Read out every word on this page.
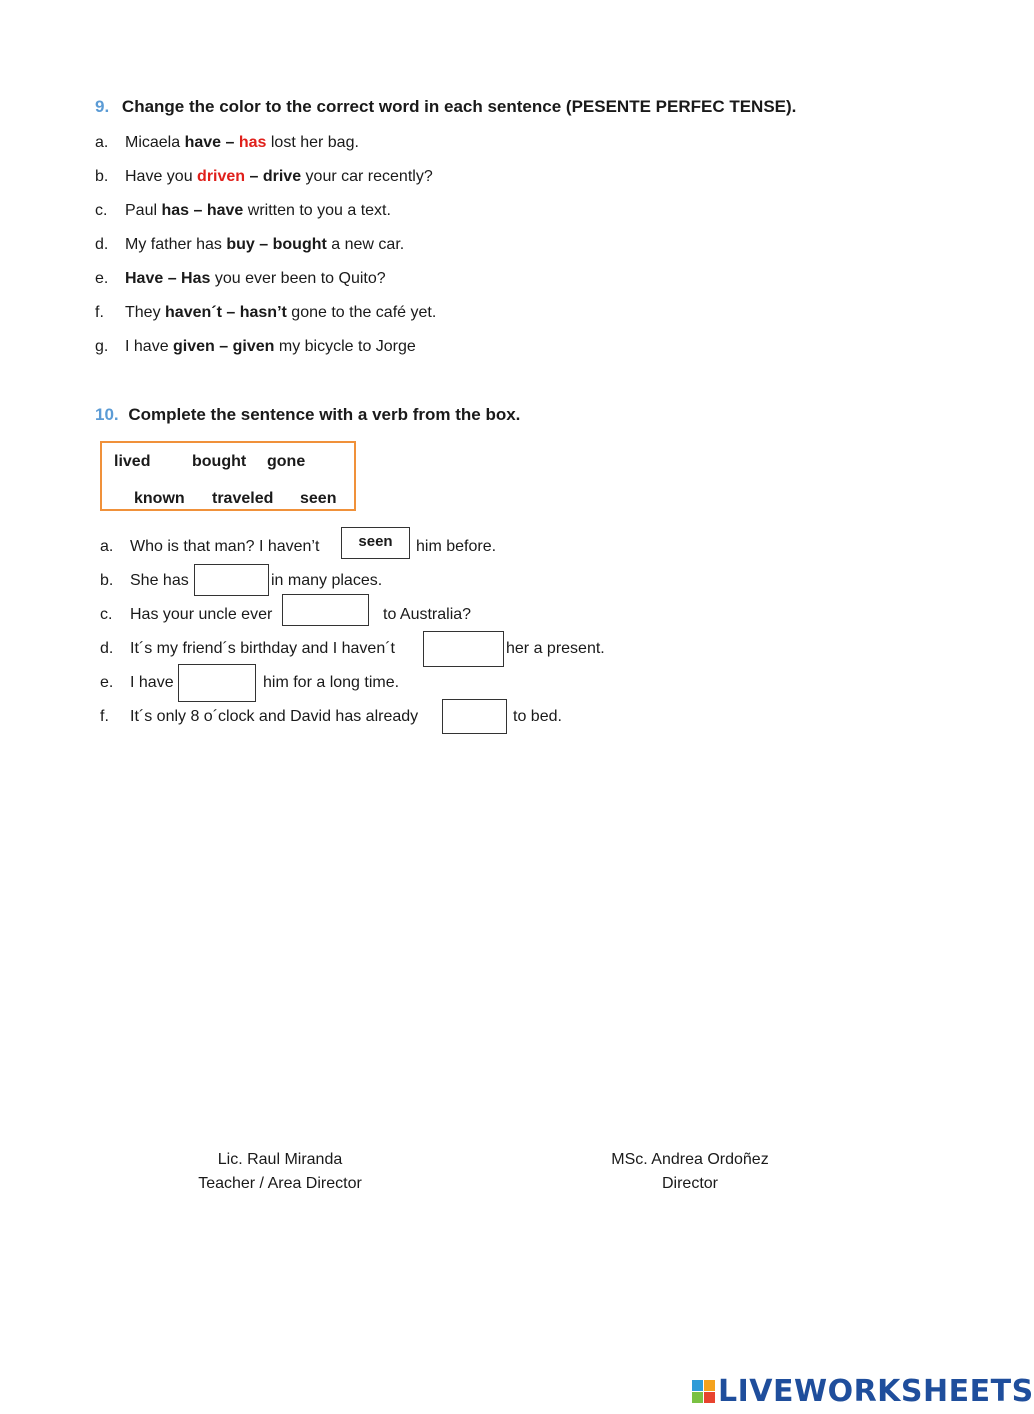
9. Change the color to the correct word in each sentence (PESENTE PERFEC TENSE).
a. Micaela have – has lost her bag.
b. Have you driven – drive your car recently?
c. Paul has – have written to you a text.
d. My father has buy – bought a new car.
e. Have – Has you ever been to Quito?
f. They haven´t – hasn’t gone to the café yet.
g. I have given – given my bicycle to Jorge
10. Complete the sentence with a verb from the box.
lived	bought gone
known traveled seen
a. Who is that man? I haven’t	seen	him before.
b. She has	in many places.
c. Has your uncle ever	to Australia?
d. It´s my friend´s birthday and I haven´t	her a present.
e. I have	him for a long time.
f. It´s only 8 o´clock and David has already	to bed.
Lic. Raul Miranda
Teacher / Area Director
MSc. Andrea Ordoñez
Director
LIVEWORKSHEETS
